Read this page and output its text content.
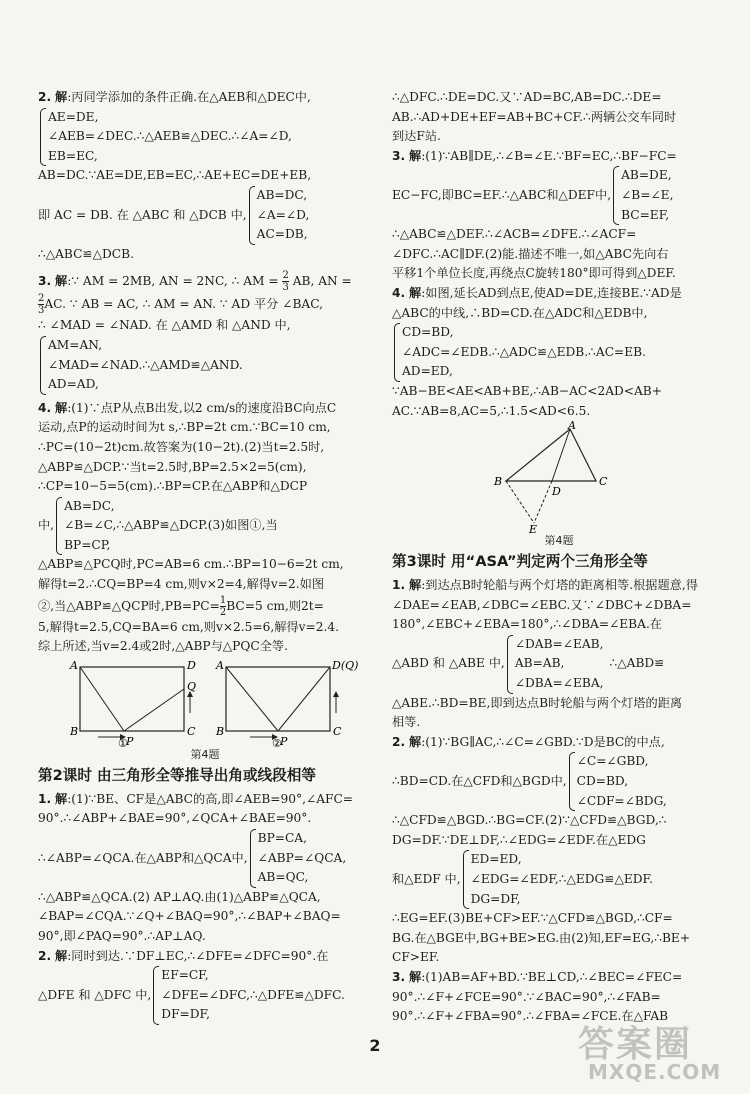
2. 解:丙同学添加的条件正确.在△AEB和△DEC中,
AE=DE,
∠AEB=∠DEC.∴△AEB≌△DEC.∴∠A=∠D,
EB=EC,
AB=DC.∵AE=DE,EB=EC,∴AE+EC=DE+EB,
即 AC = DB. 在 △ABC 和 △DCB 中,
AB=DC,
∠A=∠D,
AC=DB,
∴△ABC≌△DCB.
3. 解:∵ AM = 2MB, AN = 2NC, ∴ AM = $\frac{2}{3}$ AB, AN =
$\frac{2}{3}$ AC. ∵ AB = AC, ∴ AM = AN. ∵ AD 平分 ∠BAC,
∴ ∠MAD = ∠NAD. 在 △AMD 和 △AND 中,
AM=AN,
∠MAD=∠NAD.∴△AMD≌△AND.
AD=AD,
4. 解:(1)∵点P从点B出发,以2 cm/s的速度沿BC向点C
运动,点P的运动时间为t s,∴BP=2t cm.∵BC=10 cm,
∴PC=(10−2t)cm.故答案为(10−2t).(2)当t=2.5时,
△ABP≌△DCP.∵当t=2.5时,BP=2.5×2=5(cm),
∴CP=10−5=5(cm).∴BP=CP.在△ABP和△DCP
中,
AB=DC,
∠B=∠C,∴△ABP≌△DCP.(3)如图①,当
BP=CP,
△ABP≌△PCQ时,PC=AB=6 cm.∴BP=10−6=2t cm,
解得t=2.∴CQ=BP=4 cm,则v×2=4,解得v=2.如图
②,当△ABP≌△QCP时$,PB=PC= \frac{1}{2} BC=5$ cm,则2t=
5,解得t=2.5,CQ=BA=6 cm,则v×2.5=6,解得v=2.4.
综上所述,当v=2.4或2时,△ABP与△PQC全等.
A	D
B	C
P
Q
①
A	D(Q)
B	C
P
②
第4题
第2课时 由三角形全等推导出角或线段相等
1. 解:(1)∵BE、CF是△ABC的高,即∠AEB=90°,∠AFC=
90°.∴∠ABP+∠BAE=90°,∠QCA+∠BAE=90°.
∴∠ABP=∠QCA.在△ABP和△QCA中,
BP=CA,
∠ABP=∠QCA,
AB=QC,
∴△ABP≌△QCA.(2) AP⊥AQ.由(1)△ABP≌△QCA,
∠BAP=∠CQA.∵∠Q+∠BAQ=90°,∴∠BAP+∠BAQ=
90°,即∠PAQ=90°.∴AP⊥AQ.
2. 解:同时到达.∵DF⊥EC,∴∠DFE=∠DFC=90°.在
△DFE 和 △DFC 中,
EF=CF,
∠DFE=∠DFC,∴△DFE≌△DFC.
DF=DF,
∴△DFC.∴DE=DC.又∵AD=BC,AB=DC.∴DE=
AB.∴AD+DE+EF=AB+BC+CF.∴两辆公交车同时
到达F站.
3. 解:(1)∵AB∥DE,∴∠B=∠E.∵BF=EC,∴BF−FC=
EC−FC,即BC=EF.∴△ABC和△DEF中,
AB=DE,
∠B=∠E,
BC=EF,
∴△ABC≌△DEF.∴∠ACB=∠DFE.∴∠ACF=
∠DFC.∴AC∥DF.(2)能.描述不唯一,如△ABC先向右
平移1个单位长度,再绕点C旋转180°即可得到△DEF.
4. 解:如图,延长AD到点E,使AD=DE,连接BE.∵AD是
△ABC的中线,∴BD=CD.在△ADC和△EDB中,
CD=BD,
∠ADC=∠EDB.∴△ADC≌△EDB.∴AC=EB.
AD=ED,
∵AB−BE<AE<AB+BE,∴AB−AC<2AD<AB+
AC.∵AB=8,AC=5,∴1.5<AD<6.5.
A
B	C
D
E
第4题
第3课时 用“ASA”判定两个三角形全等
1. 解:到达点B时轮船与两个灯塔的距离相等.根据题意,得
∠DAE=∠EAB,∠DBC=∠EBC.又∵∠DBC+∠DBA=
180°,∠EBC+∠EBA=180°,∴∠DBA=∠EBA.在
△ABD 和 △ABE 中,
∠DAB=∠EAB,
AB=AB,
∠DBA=∠EBA,
∴△ABD≌
△ABE.∴BD=BE,即到达点B时轮船与两个灯塔的距离
相等.
2. 解:(1)∵BG∥AC,∴∠C=∠GBD.∵D是BC的中点,
∴BD=CD.在△CFD和△BGD中,
∠C=∠GBD,
CD=BD,
∠CDF=∠BDG,
∴△CFD≌△BGD.∴BG=CF.(2)∵△CFD≌△BGD,∴
DG=DF.∵DE⊥DF,∴∠EDG=∠EDF.在△EDG
和△EDF 中,
ED=ED,
∠EDG=∠EDF,∴△EDG≌△EDF.
DG=DF,
∴EG=EF.(3)BE+CF>EF.∵△CFD≌△BGD,∴CF=
BG.在△BGE中,BG+BE>EG.由(2)知,EF=EG,∴BE+
CF>EF.
3. 解:(1)AB=AF+BD.∵BE⊥CD,∴∠BEC=∠FEC=
90°.∴∠F+∠FCE=90°.∵∠BAC=90°,∴∠FAB=
90°.∴∠F+∠FBA=90°.∴∠FBA=∠FCE.在△FAB
2	答案圈
MXQE.COM
